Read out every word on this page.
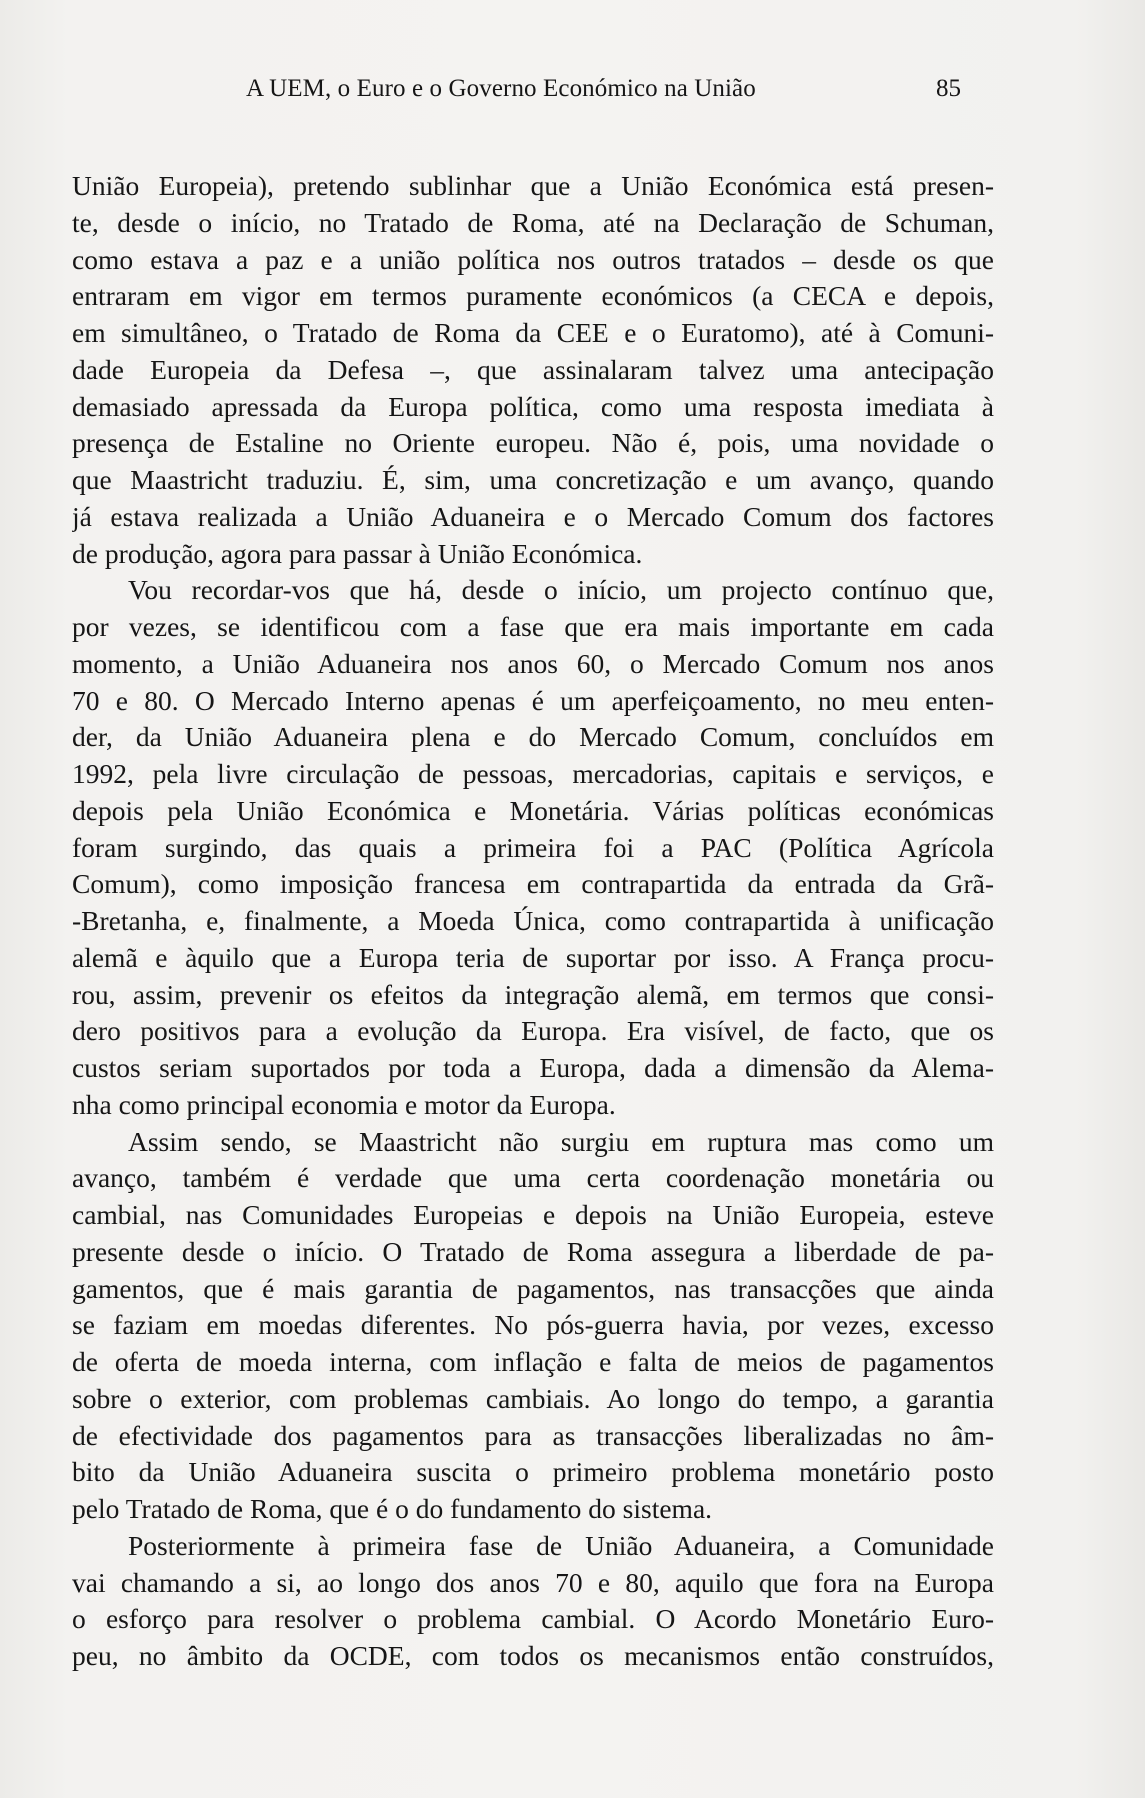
A UEM, o Euro e o Governo Económico na União	85
União Europeia), pretendo sublinhar que a União Económica está presen-
te, desde o início, no Tratado de Roma, até na Declaração de Schuman,
como estava a paz e a união política nos outros tratados – desde os que
entraram em vigor em termos puramente económicos (a CECA e depois,
em simultâneo, o Tratado de Roma da CEE e o Euratomo), até à Comuni-
dade Europeia da Defesa –, que assinalaram talvez uma antecipação
demasiado apressada da Europa política, como uma resposta imediata à
presença de Estaline no Oriente europeu. Não é, pois, uma novidade o
que Maastricht traduziu. É, sim, uma concretização e um avanço, quando
já estava realizada a União Aduaneira e o Mercado Comum dos factores
de produção, agora para passar à União Económica.
Vou recordar-vos que há, desde o início, um projecto contínuo que,
por vezes, se identificou com a fase que era mais importante em cada
momento, a União Aduaneira nos anos 60, o Mercado Comum nos anos
70 e 80. O Mercado Interno apenas é um aperfeiçoamento, no meu enten-
der, da União Aduaneira plena e do Mercado Comum, concluídos em
1992, pela livre circulação de pessoas, mercadorias, capitais e serviços, e
depois pela União Económica e Monetária. Várias políticas económicas
foram surgindo, das quais a primeira foi a PAC (Política Agrícola
Comum), como imposição francesa em contrapartida da entrada da Grã-
-Bretanha, e, finalmente, a Moeda Única, como contrapartida à unificação
alemã e àquilo que a Europa teria de suportar por isso. A França procu-
rou, assim, prevenir os efeitos da integração alemã, em termos que consi-
dero positivos para a evolução da Europa. Era visível, de facto, que os
custos seriam suportados por toda a Europa, dada a dimensão da Alema-
nha como principal economia e motor da Europa.
Assim sendo, se Maastricht não surgiu em ruptura mas como um
avanço, também é verdade que uma certa coordenação monetária ou
cambial, nas Comunidades Europeias e depois na União Europeia, esteve
presente desde o início. O Tratado de Roma assegura a liberdade de pa-
gamentos, que é mais garantia de pagamentos, nas transacções que ainda
se faziam em moedas diferentes. No pós-guerra havia, por vezes, excesso
de oferta de moeda interna, com inflação e falta de meios de pagamentos
sobre o exterior, com problemas cambiais. Ao longo do tempo, a garantia
de efectividade dos pagamentos para as transacções liberalizadas no âm-
bito da União Aduaneira suscita o primeiro problema monetário posto
pelo Tratado de Roma, que é o do fundamento do sistema.
Posteriormente à primeira fase de União Aduaneira, a Comunidade
vai chamando a si, ao longo dos anos 70 e 80, aquilo que fora na Europa
o esforço para resolver o problema cambial. O Acordo Monetário Euro-
peu, no âmbito da OCDE, com todos os mecanismos então construídos,
